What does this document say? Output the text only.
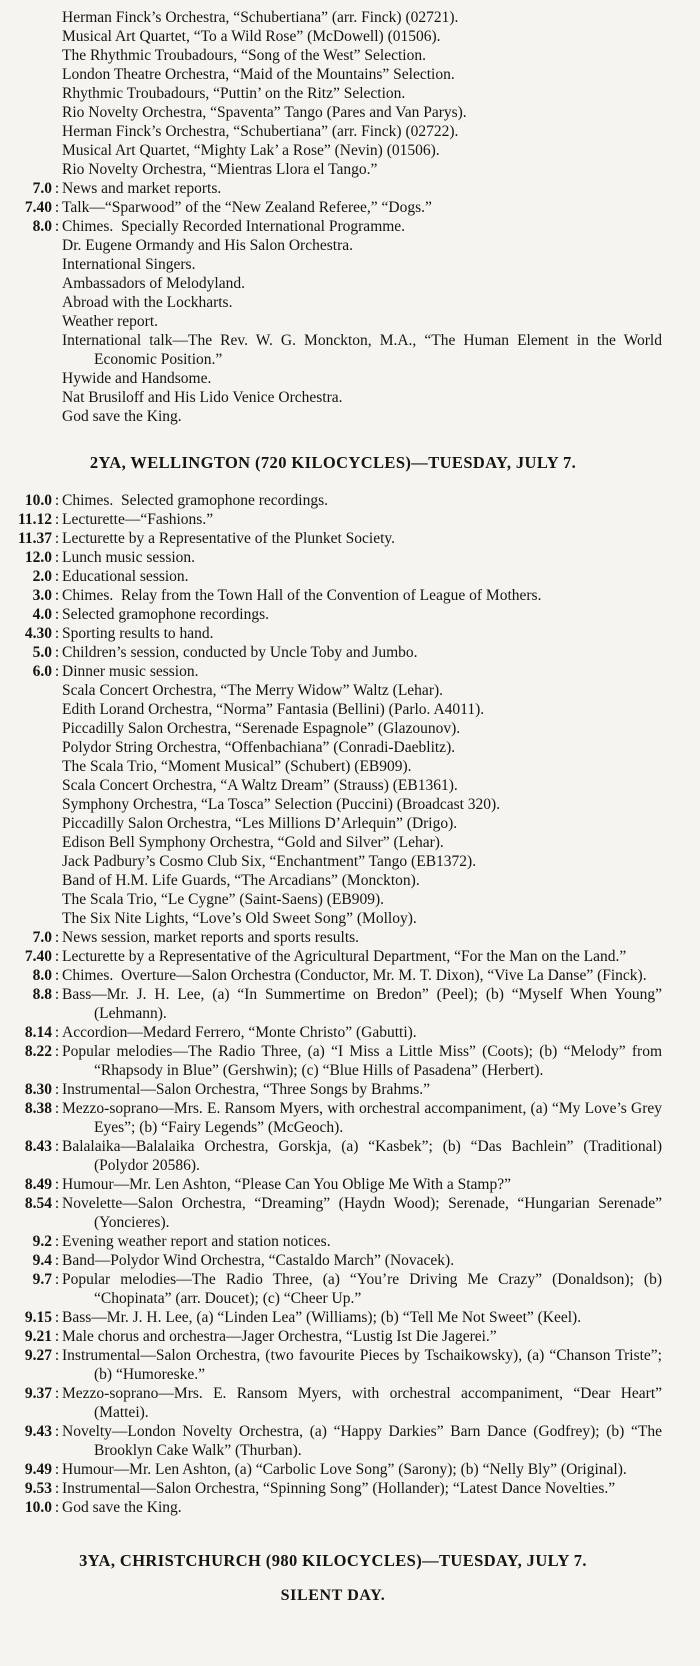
Herman Finck’s Orchestra, “Schubertiana” (arr. Finck) (02721).
Musical Art Quartet, “To a Wild Rose” (McDowell) (01506).
The Rhythmic Troubadours, “Song of the West” Selection.
London Theatre Orchestra, “Maid of the Mountains” Selection.
Rhythmic Troubadours, “Puttin’ on the Ritz” Selection.
Rio Novelty Orchestra, “Spaventa” Tango (Pares and Van Parys).
Herman Finck’s Orchestra, “Schubertiana” (arr. Finck) (02722).
Musical Art Quartet, “Mighty Lak’ a Rose” (Nevin) (01506).
Rio Novelty Orchestra, “Mientras Llora el Tango.”
7.0 : News and market reports.
7.40 : Talk—“Sparwood” of the “New Zealand Referee,” “Dogs.”
8.0 : Chimes.  Specially Recorded International Programme.
Dr. Eugene Ormandy and His Salon Orchestra.
International Singers.
Ambassadors of Melodyland.
Abroad with the Lockharts.
Weather report.
International talk—The Rev. W. G. Monckton, M.A., “The Human Element in the World Economic Position.”
Hywide and Handsome.
Nat Brusiloff and His Lido Venice Orchestra.
God save the King.
2YA, WELLINGTON (720 KILOCYCLES)—TUESDAY, JULY 7.
10.0 : Chimes.  Selected gramophone recordings.
11.12 : Lecturette—“Fashions.”
11.37 : Lecturette by a Representative of the Plunket Society.
12.0 : Lunch music session.
2.0 : Educational session.
3.0 : Chimes.  Relay from the Town Hall of the Convention of League of Mothers.
4.0 : Selected gramophone recordings.
4.30 : Sporting results to hand.
5.0 : Children’s session, conducted by Uncle Toby and Jumbo.
6.0 : Dinner music session.
Scala Concert Orchestra, “The Merry Widow” Waltz (Lehar).
Edith Lorand Orchestra, “Norma” Fantasia (Bellini) (Parlo. A4011).
Piccadilly Salon Orchestra, “Serenade Espagnole” (Glazounov).
Polydor String Orchestra, “Offenbachiana” (Conradi-Daeblitz).
The Scala Trio, “Moment Musical” (Schubert) (EB909).
Scala Concert Orchestra, “A Waltz Dream” (Strauss) (EB1361).
Symphony Orchestra, “La Tosca” Selection (Puccini) (Broadcast 320).
Piccadilly Salon Orchestra, “Les Millions D’Arlequin” (Drigo).
Edison Bell Symphony Orchestra, “Gold and Silver” (Lehar).
Jack Padbury’s Cosmo Club Six, “Enchantment” Tango (EB1372).
Band of H.M. Life Guards, “The Arcadians” (Monckton).
The Scala Trio, “Le Cygne” (Saint-Saens) (EB909).
The Six Nite Lights, “Love’s Old Sweet Song” (Molloy).
7.0 : News session, market reports and sports results.
7.40 : Lecturette by a Representative of the Agricultural Department, “For the Man on the Land.”
8.0 : Chimes.  Overture—Salon Orchestra (Conductor, Mr. M. T. Dixon), “Vive La Danse” (Finck).
8.8 : Bass—Mr. J. H. Lee, (a) “In Summertime on Bredon” (Peel); (b) “Myself When Young” (Lehmann).
8.14 : Accordion—Medard Ferrero, “Monte Christo” (Gabutti).
8.22 : Popular melodies—The Radio Three, (a) “I Miss a Little Miss” (Coots); (b) “Melody” from “Rhapsody in Blue” (Gershwin); (c) “Blue Hills of Pasadena” (Herbert).
8.30 : Instrumental—Salon Orchestra, “Three Songs by Brahms.”
8.38 : Mezzo-soprano—Mrs. E. Ransom Myers, with orchestral accompaniment, (a) “My Love’s Grey Eyes”; (b) “Fairy Legends” (McGeoch).
8.43 : Balalaika—Balalaika Orchestra, Gorskja, (a) “Kasbek”; (b) “Das Bachlein” (Traditional) (Polydor 20586).
8.49 : Humour—Mr. Len Ashton, “Please Can You Oblige Me With a Stamp?”
8.54 : Novelette—Salon Orchestra, “Dreaming” (Haydn Wood); Serenade, “Hungarian Serenade” (Yoncieres).
9.2 : Evening weather report and station notices.
9.4 : Band—Polydor Wind Orchestra, “Castaldo March” (Novacek).
9.7 : Popular melodies—The Radio Three, (a) “You’re Driving Me Crazy” (Donaldson); (b) “Chopinata” (arr. Doucet); (c) “Cheer Up.”
9.15 : Bass—Mr. J. H. Lee, (a) “Linden Lea” (Williams); (b) “Tell Me Not Sweet” (Keel).
9.21 : Male chorus and orchestra—Jager Orchestra, “Lustig Ist Die Jagerei.”
9.27 : Instrumental—Salon Orchestra, (two favourite Pieces by Tschaikowsky), (a) “Chanson Triste”; (b) “Humoreske.”
9.37 : Mezzo-soprano—Mrs. E. Ransom Myers, with orchestral accompaniment, “Dear Heart” (Mattei).
9.43 : Novelty—London Novelty Orchestra, (a) “Happy Darkies” Barn Dance (Godfrey); (b) “The Brooklyn Cake Walk” (Thurban).
9.49 : Humour—Mr. Len Ashton, (a) “Carbolic Love Song” (Sarony); (b) “Nelly Bly” (Original).
9.53 : Instrumental—Salon Orchestra, “Spinning Song” (Hollander); “Latest Dance Novelties.”
10.0 : God save the King.
3YA, CHRISTCHURCH (980 KILOCYCLES)—TUESDAY, JULY 7.
SILENT DAY.
